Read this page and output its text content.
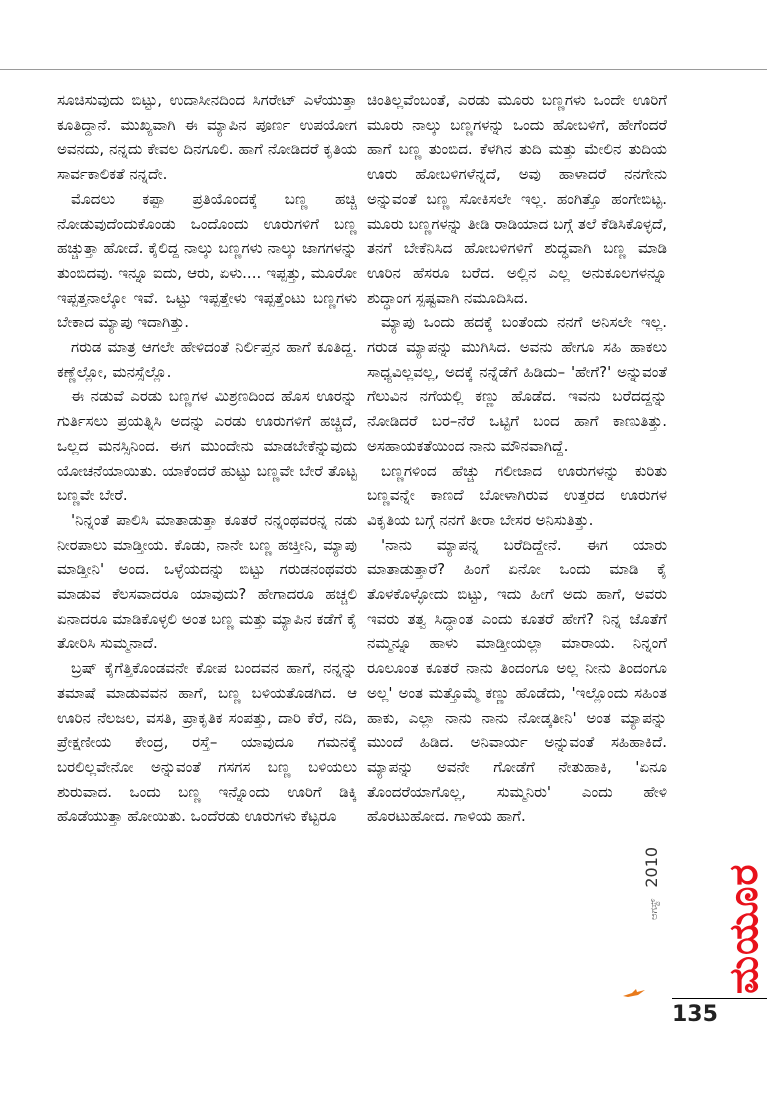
ಸೂಚಿಸುವುದು ಬಿಟ್ಟು, ಉದಾಸೀನದಿಂದ ಸಿಗರೇಟ್ ಎಳೆಯುತ್ತಾ ಕೂತಿದ್ದಾನೆ. ಮುಖ್ಯವಾಗಿ ಈ ಮ್ಯಾಪಿನ ಪೂರ್ಣ ಉಪಯೋಗ ಅವನದು, ನನ್ನದು ಕೇವಲ ದಿನಗೂಲಿ. ಹಾಗೆ ನೋಡಿದರೆ ಕೃತಿಯ ಸಾರ್ವಕಾಲಿಕತೆ ನನ್ನದೇ.

ಮೊದಲು ಕಪ್ಪಾ ಪ್ರತಿಯೊಂದಕ್ಕೆ ಬಣ್ಣ ಹಚ್ಚಿ ನೋಡುವುದೆಂದುಕೊಂಡು ಒಂದೊಂದು ಊರುಗಳಿಗೆ ಬಣ್ಣ ಹಚ್ಚುತ್ತಾ ಹೋದೆ. ಕೈಲಿದ್ದ ನಾಲ್ಕು ಬಣ್ಣಗಳು ನಾಲ್ಕು ಜಾಗಗಳನ್ನು ತುಂಬಿದವು. ಇನ್ನೂ ಐದು, ಆರು, ಏಳು.... ಇಪ್ಪತ್ತು, ಮೂರೋ ಇಪ್ಪತ್ತನಾಲ್ಕೋ ಇವೆ. ಒಟ್ಟು ಇಪ್ಪತ್ತೇಳು ಇಪ್ಪತ್ತೆಂಟು ಬಣ್ಣಗಳು ಬೇಕಾದ ಮ್ಯಾಪು ಇದಾಗಿತ್ತು.

ಗರುಡ ಮಾತ್ರ ಆಗಲೇ ಹೇಳಿದಂತೆ ನಿರ್ಲಿಪ್ತನ ಹಾಗೆ ಕೂತಿದ್ದ. ಕಣ್ಣೆಲ್ಲೋ, ಮನಸ್ಸೆಲ್ಲೊ.

ಈ ನಡುವೆ ಎರಡು ಬಣ್ಣಗಳ ಮಿಶ್ರಣದಿಂದ ಹೊಸ ಊರನ್ನು ಗುರ್ತಿಸಲು ಪ್ರಯತ್ನಿಸಿ ಅದನ್ನು ಎರಡು ಊರುಗಳಿಗೆ ಹಚ್ಚಿದೆ, ಒಲ್ಲದ ಮನಸ್ಸಿನಿಂದ. ಈಗ ಮುಂದೇನು ಮಾಡಬೇಕೆನ್ನುವುದು ಯೋಚನೆಯಾಯಿತು. ಯಾಕೆಂದರೆ ಹುಟ್ಟು ಬಣ್ಣವೇ ಬೇರೆ ತೊಟ್ಟ ಬಣ್ಣವೇ ಬೇರೆ.

'ನಿನ್ನಂತೆ ಪಾಲಿಸಿ ಮಾತಾಡುತ್ತಾ ಕೂತರೆ ನನ್ನಂಥವರನ್ನ ನಡು ನೀರಪಾಲು ಮಾಡ್ತೀಯ. ಕೊಡು, ನಾನೇ ಬಣ್ಣ ಹಚ್ತೀನಿ, ಮ್ಯಾಪು ಮಾಡ್ತೀನಿ' ಅಂದ. ಒಳ್ಳೆಯದನ್ನು ಬಿಟ್ಟು ಗರುಡನಂಥವರು ಮಾಡುವ ಕೆಲಸವಾದರೂ ಯಾವುದು? ಹೇಗಾದರೂ ಹಚ್ಚಲಿ ಏನಾದರೂ ಮಾಡಿಕೊಳ್ಳಲಿ ಅಂತ ಬಣ್ಣ ಮತ್ತು ಮ್ಯಾಪಿನ ಕಡೆಗೆ ಕೈ ತೋರಿಸಿ ಸುಮ್ಮನಾದೆ.

ಬ್ರಷ್ ಕೈಗೆತ್ತಿಕೊಂಡವನೇ ಕೋಪ ಬಂದವನ ಹಾಗೆ, ನನ್ನನ್ನು ತಮಾಷೆ ಮಾಡುವವನ ಹಾಗೆ, ಬಣ್ಣ ಬಳಿಯತೊಡಗಿದ. ಆ ಊರಿನ ನೆಲಜಲ, ವಸತಿ, ಪ್ರಾಕೃತಿಕ ಸಂಪತ್ತು, ದಾರಿ ಕೆರೆ, ನದಿ, ಪ್ರೇಕ್ಷಣೀಯ ಕೇಂದ್ರ, ರಸ್ತೆ– ಯಾವುದೂ ಗಮನಕ್ಕೆ ಬರಲಿಲ್ಲವೇನೋ ಅನ್ನುವಂತೆ ಗಸಗಸ ಬಣ್ಣ ಬಳಿಯಲು ಶುರುವಾದ. ಒಂದು ಬಣ್ಣ ಇನ್ನೊಂದು ಊರಿಗೆ ಡಿಕ್ಕಿ ಹೊಡೆಯುತ್ತಾ ಹೋಯಿತು. ಒಂದೆರಡು ಊರುಗಳು ಕೆಟ್ಟರೂ

ಚಿಂತಿಲ್ಲವೆಂಬಂತೆ, ಎರಡು ಮೂರು ಬಣ್ಣಗಳು ಒಂದೇ ಊರಿಗೆ ಮೂರು ನಾಲ್ಕು ಬಣ್ಣಗಳನ್ನು ಒಂದು ಹೋಬಳಿಗೆ, ಹೇಗೆಂದರೆ ಹಾಗೆ ಬಣ್ಣ ತುಂಬಿದ. ಕೆಳಗಿನ ತುದಿ ಮತ್ತು ಮೇಲಿನ ತುದಿಯ ಊರು ಹೋಬಳಿಗಳೆನ್ನದೆ, ಅವು ಹಾಳಾದರೆ ನನಗೇನು ಅನ್ನುವಂತೆ ಬಣ್ಣ ಸೋಕಿಸಲೇ ಇಲ್ಲ. ಹಂಗಿತ್ತೊ ಹಂಗೇಬಿಟ್ಟ. ಮೂರು ಬಣ್ಣಗಳನ್ನು ತೀಡಿ ರಾಡಿಯಾದ ಬಗ್ಗೆ ತಲೆ ಕೆಡಿಸಿಕೊಳ್ಳದೆ, ತನಗೆ ಬೇಕೆನಿಸಿದ ಹೋಬಳಿಗಳಿಗೆ ಶುದ್ಧವಾಗಿ ಬಣ್ಣ ಮಾಡಿ ಊರಿನ ಹೆಸರೂ ಬರೆದ. ಅಲ್ಲಿನ ಎಲ್ಲ ಅನುಕೂಲಗಳನ್ನೂ ಶುದ್ಧಾಂಗ ಸ್ಪಷ್ಟವಾಗಿ ನಮೂದಿಸಿದ.

ಮ್ಯಾಪು ಒಂದು ಹದಕ್ಕೆ ಬಂತೆಂದು ನನಗೆ ಅನಿಸಲೇ ಇಲ್ಲ. ಗರುಡ ಮ್ಯಾಪನ್ನು ಮುಗಿಸಿದ. ಅವನು ಹೇಗೂ ಸಹಿ ಹಾಕಲು ಸಾಧ್ಯವಿಲ್ಲವಲ್ಲ, ಅದಕ್ಕೆ ನನ್ನೆಡೆಗೆ ಹಿಡಿದು– 'ಹೇಗೆ?' ಅನ್ನುವಂತೆ ಗೆಲುವಿನ ನಗೆಯಲ್ಲಿ ಕಣ್ಣು ಹೊಡೆದ. ಇವನು ಬರೆದದ್ದನ್ನು ನೋಡಿದರೆ ಬರ–ನೆರೆ ಒಟ್ಟಿಗೆ ಬಂದ ಹಾಗೆ ಕಾಣುತಿತ್ತು. ಅಸಹಾಯಕತೆಯಿಂದ ನಾನು ಮೌನವಾಗಿದ್ದೆ.

ಬಣ್ಣಗಳಿಂದ ಹೆಚ್ಚು ಗಲೀಜಾದ ಊರುಗಳನ್ನು ಕುರಿತು ಬಣ್ಣವನ್ನೇ ಕಾಣದೆ ಬೋಳಾಗಿರುವ ಉತ್ತರದ ಊರುಗಳ ವಿಕೃತಿಯ ಬಗ್ಗೆ ನನಗೆ ತೀರಾ ಬೇಸರ ಅನಿಸುತಿತ್ತು.

'ನಾನು ಮ್ಯಾಪನ್ನ ಬರೆದಿದ್ದೇನೆ. ಈಗ ಯಾರು ಮಾತಾಡುತ್ತಾರೆ? ಹಿಂಗೆ ಏನೋ ಒಂದು ಮಾಡಿ ಕೈ ತೊಳಕೊಳ್ಳೋದು ಬಿಟ್ಟು, ಇದು ಹೀಗೆ ಅದು ಹಾಗೆ, ಅವರು ಇವರು ತತ್ವ ಸಿದ್ಧಾಂತ ಎಂದು ಕೂತರೆ ಹೇಗೆ? ನಿನ್ನ ಜೊತೆಗೆ ನಮ್ಮನ್ನೂ ಹಾಳು ಮಾಡ್ತೀಯಲ್ಲಾ ಮಾರಾಯ. ನಿನ್ನಂಗೆ ರೂಲೂಂತ ಕೂತರೆ ನಾನು ತಿಂದಂಗೂ ಅಲ್ಲ ನೀನು ತಿಂದಂಗೂ ಅಲ್ಲ' ಅಂತ ಮತ್ತೊಮ್ಮೆ ಕಣ್ಣು ಹೊಡೆದು, 'ಇಲ್ಲೊಂದು ಸಹಿಂತ ಹಾಕು, ಎಲ್ಲಾ ನಾನು ನಾನು ನೋಡ್ಕತೀನಿ' ಅಂತ ಮ್ಯಾಪನ್ನು ಮುಂದೆ ಹಿಡಿದ. ಅನಿವಾರ್ಯ ಅನ್ನುವಂತೆ ಸಹಿಹಾಕಿದೆ. ಮ್ಯಾಪನ್ನು ಅವನೇ ಗೋಡೆಗೆ ನೇತುಹಾಕಿ, 'ಏನೂ ತೊಂದರೆಯಾಗೊಲ್ಲ, ಸುಮ್ಮನಿರು' ಎಂದು ಹೇಳಿ ಹೊರಟುಹೋದ. ಗಾಳಿಯ ಹಾಗೆ.

ಆಗಸ್ಟ್ 2010 ಮಯೂರ
135
